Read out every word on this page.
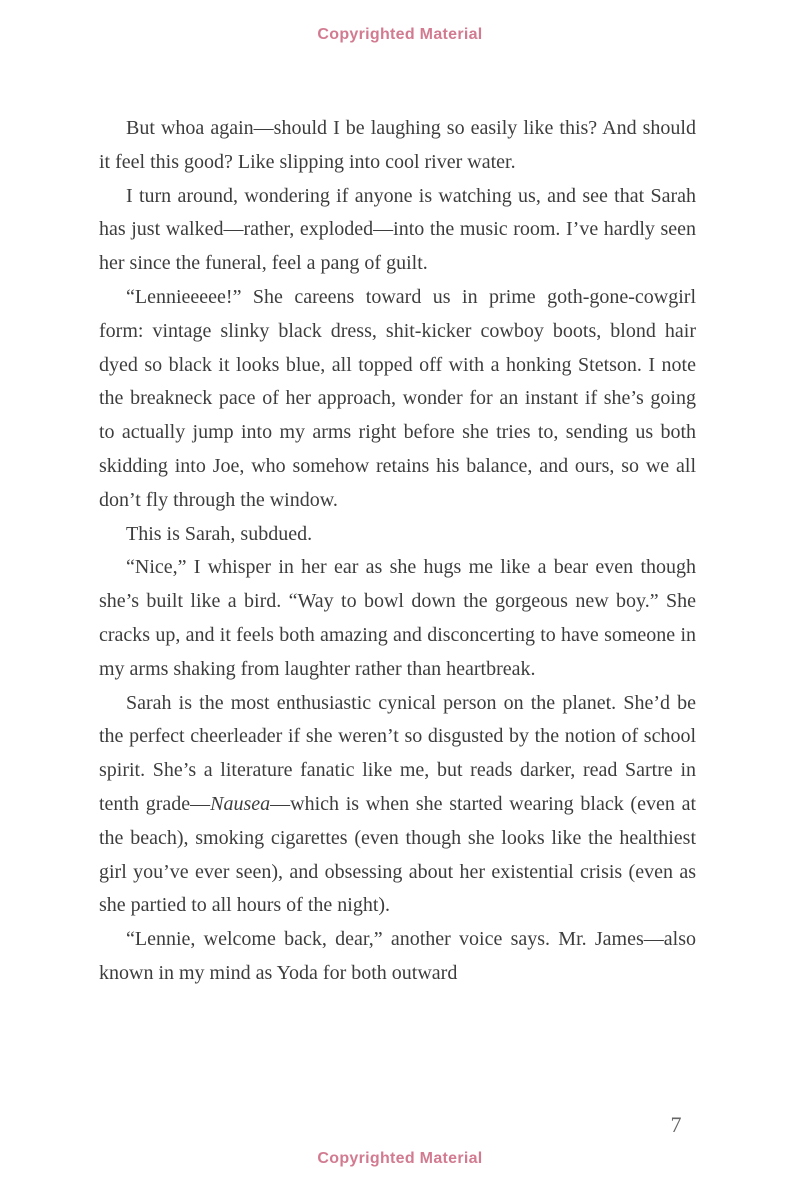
Copyrighted Material

But whoa again—should I be laughing so easily like this? And should it feel this good? Like slipping into cool river water.

I turn around, wondering if anyone is watching us, and see that Sarah has just walked—rather, exploded—into the music room. I’ve hardly seen her since the funeral, feel a pang of guilt.

“Lennieeeee!” She careens toward us in prime goth-gone-cowgirl form: vintage slinky black dress, shit-kicker cowboy boots, blond hair dyed so black it looks blue, all topped off with a honking Stetson. I note the breakneck pace of her approach, wonder for an instant if she’s going to actually jump into my arms right before she tries to, sending us both skidding into Joe, who somehow retains his balance, and ours, so we all don’t fly through the window.

This is Sarah, subdued.

“Nice,” I whisper in her ear as she hugs me like a bear even though she’s built like a bird. “Way to bowl down the gorgeous new boy.” She cracks up, and it feels both amazing and disconcerting to have someone in my arms shaking from laughter rather than heartbreak.

Sarah is the most enthusiastic cynical person on the planet. She’d be the perfect cheerleader if she weren’t so disgusted by the notion of school spirit. She’s a literature fanatic like me, but reads darker, read Sartre in tenth grade—Nausea—which is when she started wearing black (even at the beach), smoking cigarettes (even though she looks like the healthiest girl you’ve ever seen), and obsessing about her existential crisis (even as she partied to all hours of the night).

“Lennie, welcome back, dear,” another voice says. Mr. James—also known in my mind as Yoda for both outward

7
Copyrighted Material
